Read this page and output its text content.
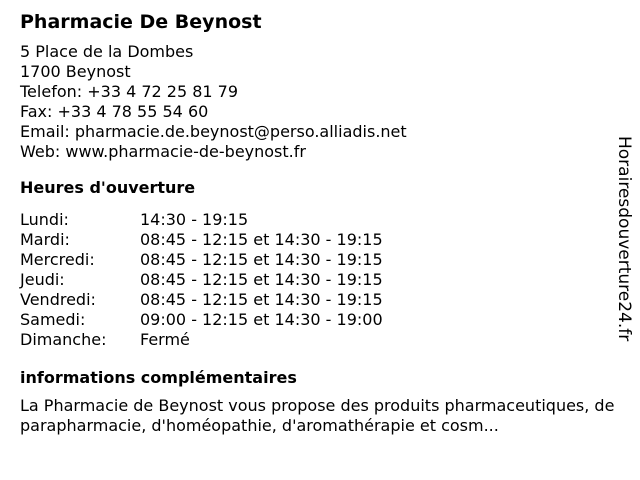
Pharmacie De Beynost
5 Place de la Dombes
1700 Beynost
Telefon: +33 4 72 25 81 79
Fax: +33 4 78 55 54 60
Email: pharmacie.de.beynost@perso.alliadis.net
Web: www.pharmacie-de-beynost.fr
Heures d'ouverture
Lundi:	14:30 - 19:15
Mardi:	08:45 - 12:15 et 14:30 - 19:15
Mercredi:	08:45 - 12:15 et 14:30 - 19:15
Jeudi:	08:45 - 12:15 et 14:30 - 19:15
Vendredi:	08:45 - 12:15 et 14:30 - 19:15
Samedi:	09:00 - 12:15 et 14:30 - 19:00
Dimanche:	Fermé
informations complémentaires
La Pharmacie de Beynost vous propose des produits pharmaceutiques, de parapharmacie, d'homéopathie, d'aromathérapie et cosm...
Horairesdouverture24.fr
